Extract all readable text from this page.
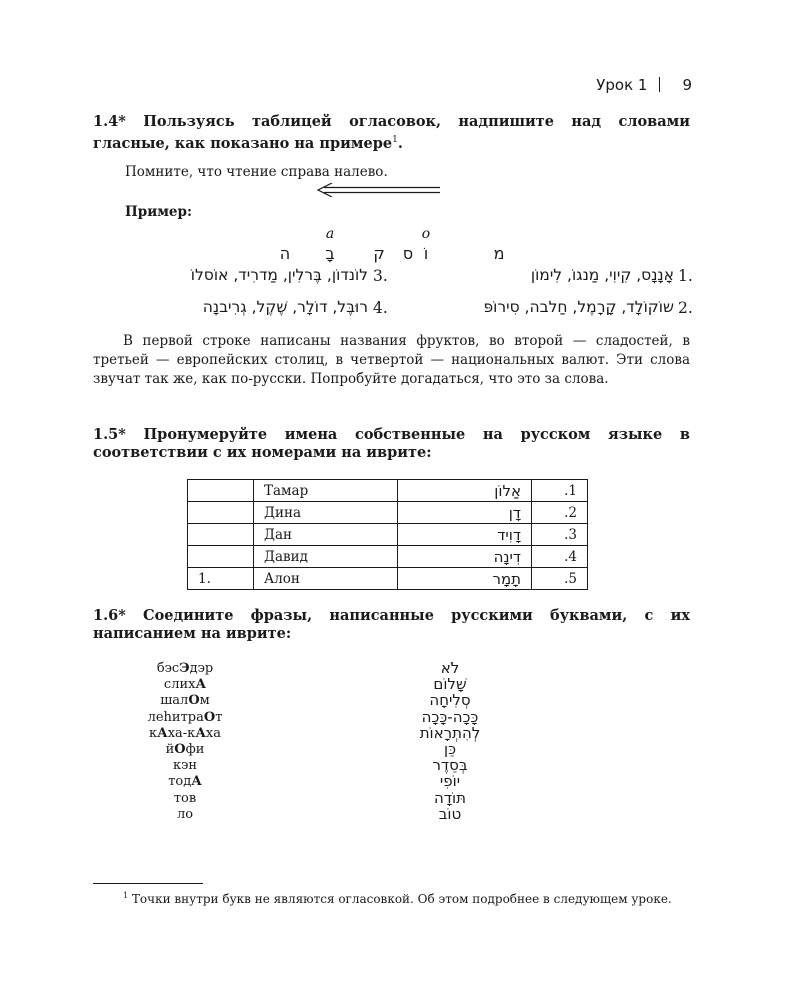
Урок 1 9
1.4* Пользуясь таблицей огласовок, надпишите над словами гласные, как показано на примере$^1$.
Помните, что чтение справа налево.
Пример:
a	o
ה	בָ	ק	ס וֹ	מ
1.
אָנָנָס, קִיוִי, מַנגוֹ, לִימוֹן
3.
לוֹנדוֹן, בֶּרלִין, מַדרִיד, אוֹסלוֹ
2.
שוֹקוֹלָד, קָרָמֶל, חַלבה, סִירוֹפּ
4.
רוּבֶּל, דוֹלָר, שֶׁקֶל, גְרִיבנָה
В первой строке написаны названия фруктов, во второй — сладостей, в третьей — европейских столиц, в четвертой — национальных валют. Эти слова звучат так же, как по-русски. Попробуйте догадаться, что это за слова.
1.5* Пронумеруйте имена собственные на русском языке в соответствии с их номерами на иврите:
	Тамар	אַלוֹן	.1
	Дина	דָן	.2
	Дан	דָוִיד	.3
	Давид	דִינָה	.4
1.	Алон	תָמָר	.5
1.6* Соедините фразы, написанные русскими буквами, с их написанием на иврите:
бэсЭдэр
слихА
шалОм
леhитраОт
кАха-кАха
йОфи
кэн
тодА
тов
ло
לֹא
שָׁלוֹם
סְלִיחָה
כָּכָה-כָּכָה
לְהִתְרָאוֹת
כֵּן
בְּסֵדֶר
יוֹפִי
תּוֹדָה
טוֹב
$^1$ Точки внутри букв не являются огласовкой. Об этом подробнее в следующем уроке.
